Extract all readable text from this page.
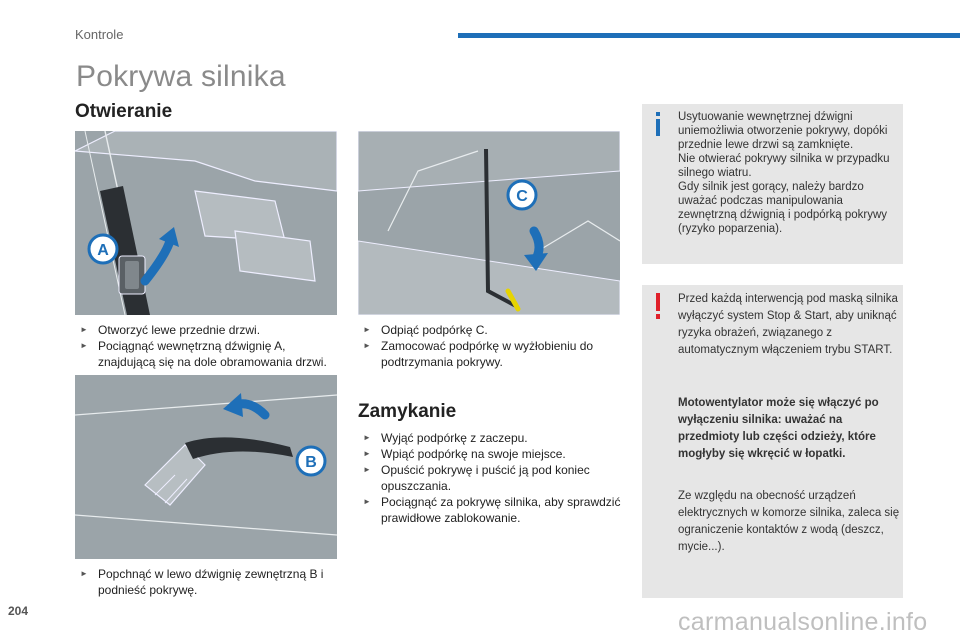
Kontrole
Pokrywa silnika
Otwieranie
A
C
B
► Otworzyć lewe przednie drzwi.
► Pociągnąć wewnętrzną dźwignię A, znajdującą się na dole obramowania drzwi.
► Odpiąć podpórkę C.
► Zamocować podpórkę w wyżłobieniu do podtrzymania pokrywy.
Zamykanie
► Wyjąć podpórkę z zaczepu.
► Wpiąć podpórkę na swoje miejsce.
► Opuścić pokrywę i puścić ją pod koniec opuszczania.
► Pociągnąć za pokrywę silnika, aby sprawdzić prawidłowe zablokowanie.
► Popchnąć w lewo dźwignię zewnętrzną B i podnieść pokrywę.
Usytuowanie wewnętrznej dźwigni uniemożliwia otworzenie pokrywy, dopóki przednie lewe drzwi są zamknięte.
Nie otwierać pokrywy silnika w przypadku silnego wiatru.
Gdy silnik jest gorący, należy bardzo uważać podczas manipulowania zewnętrzną dźwignią i podpórką pokrywy (ryzyko poparzenia).

Przed każdą interwencją pod maską silnika wyłączyć system Stop & Start, aby uniknąć ryzyka obrażeń, związanego z automatycznym włączeniem trybu START.

Motowentylator może się włączyć po wyłączeniu silnika: uważać na przedmioty lub części odzieży, które mogłyby się wkręcić w łopatki.

Ze względu na obecność urządzeń elektrycznych w komorze silnika, zaleca się ograniczenie kontaktów z wodą (deszcz, mycie...).

204	carmanualsonline.info
